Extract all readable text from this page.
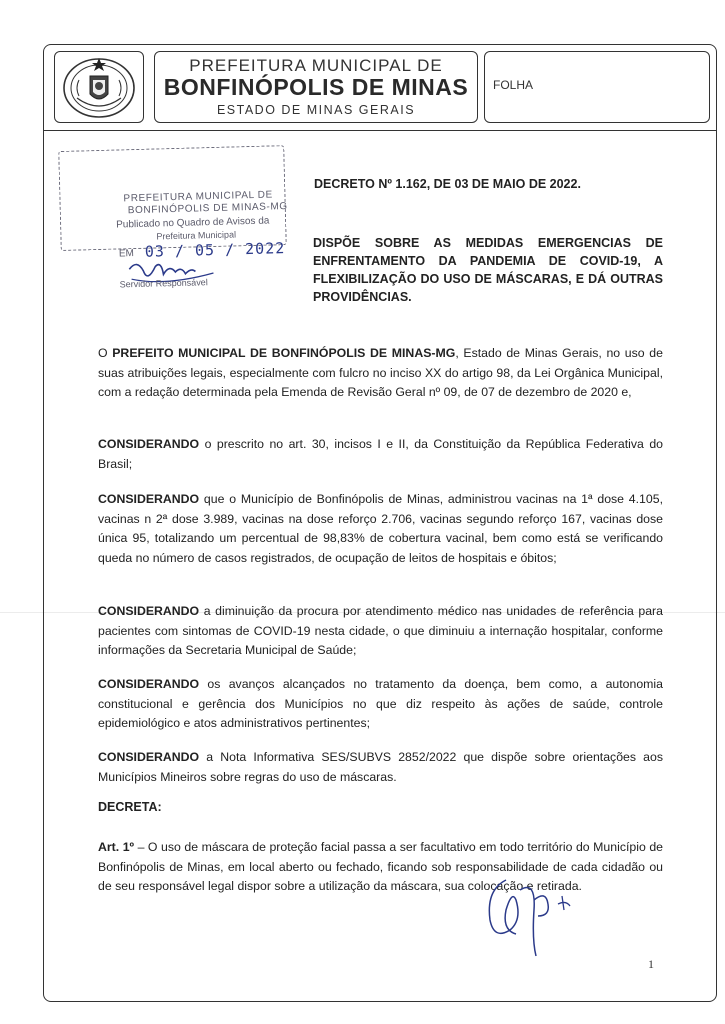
PREFEITURA MUNICIPAL DE
BONFINÓPOLIS DE MINAS
ESTADO DE MINAS GERAIS
FOLHA
PREFEITURA MUNICIPAL DE
BONFINÓPOLIS DE MINAS-MG
Publicado no Quadro de Avisos da
Prefeitura Municipal
EM 03 / 05 / 2022
Servidor Responsável
DECRETO Nº 1.162, DE 03 DE MAIO DE 2022.
DISPÕE SOBRE AS MEDIDAS EMERGENCIAS DE ENFRENTAMENTO DA PANDEMIA DE COVID-19, A FLEXIBILIZAÇÃO DO USO DE MÁSCARAS, E DÁ OUTRAS PROVIDÊNCIAS.
O PREFEITO MUNICIPAL DE BONFINÓPOLIS DE MINAS-MG, Estado de Minas Gerais, no uso de suas atribuições legais, especialmente com fulcro no inciso XX do artigo 98, da Lei Orgânica Municipal, com a redação determinada pela Emenda de Revisão Geral nº 09, de 07 de dezembro de 2020 e,
CONSIDERANDO o prescrito no art. 30, incisos I e II, da Constituição da República Federativa do Brasil;
CONSIDERANDO que o Município de Bonfinópolis de Minas, administrou vacinas na 1ª dose 4.105, vacinas n 2ª dose 3.989, vacinas na dose reforço 2.706, vacinas segundo reforço 167, vacinas dose única 95, totalizando um percentual de 98,83% de cobertura vacinal, bem como está se verificando queda no número de casos registrados, de ocupação de leitos de hospitais e óbitos;
CONSIDERANDO a diminuição da procura por atendimento médico nas unidades de referência para pacientes com sintomas de COVID-19 nesta cidade, o que diminuiu a internação hospitalar, conforme informações da Secretaria Municipal de Saúde;
CONSIDERANDO os avanços alcançados no tratamento da doença, bem como, a autonomia constitucional e gerência dos Municípios no que diz respeito às ações de saúde, controle epidemiológico e atos administrativos pertinentes;
CONSIDERANDO a Nota Informativa SES/SUBVS 2852/2022 que dispõe sobre orientações aos Municípios Mineiros sobre regras do uso de máscaras.
DECRETA:
Art. 1º – O uso de máscara de proteção facial passa a ser facultativo em todo território do Município de Bonfinópolis de Minas, em local aberto ou fechado, ficando sob responsabilidade de cada cidadão ou de seu responsável legal dispor sobre a utilização da máscara, sua colocação e retirada.
1
